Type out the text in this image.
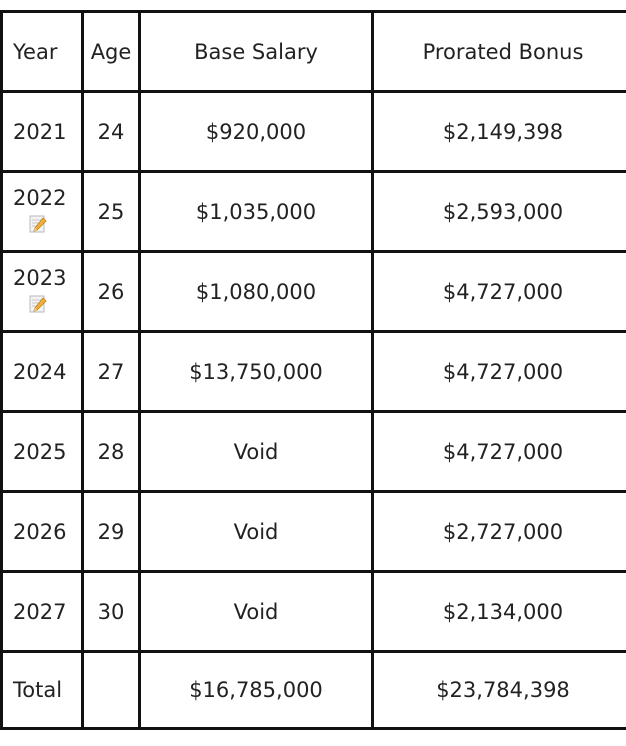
Year	Age	Base Salary	Prorated Bonus

2021	24	$920,000	$2,149,398

2022	25	$1,035,000	$2,593,000

2023	26	$1,080,000	$4,727,000

2024	27	$13,750,000	$4,727,000

2025	28	Void	$4,727,000

2026	29	Void	$2,727,000

2027	30	Void	$2,134,000
Total		$16,785,000	$23,784,398
